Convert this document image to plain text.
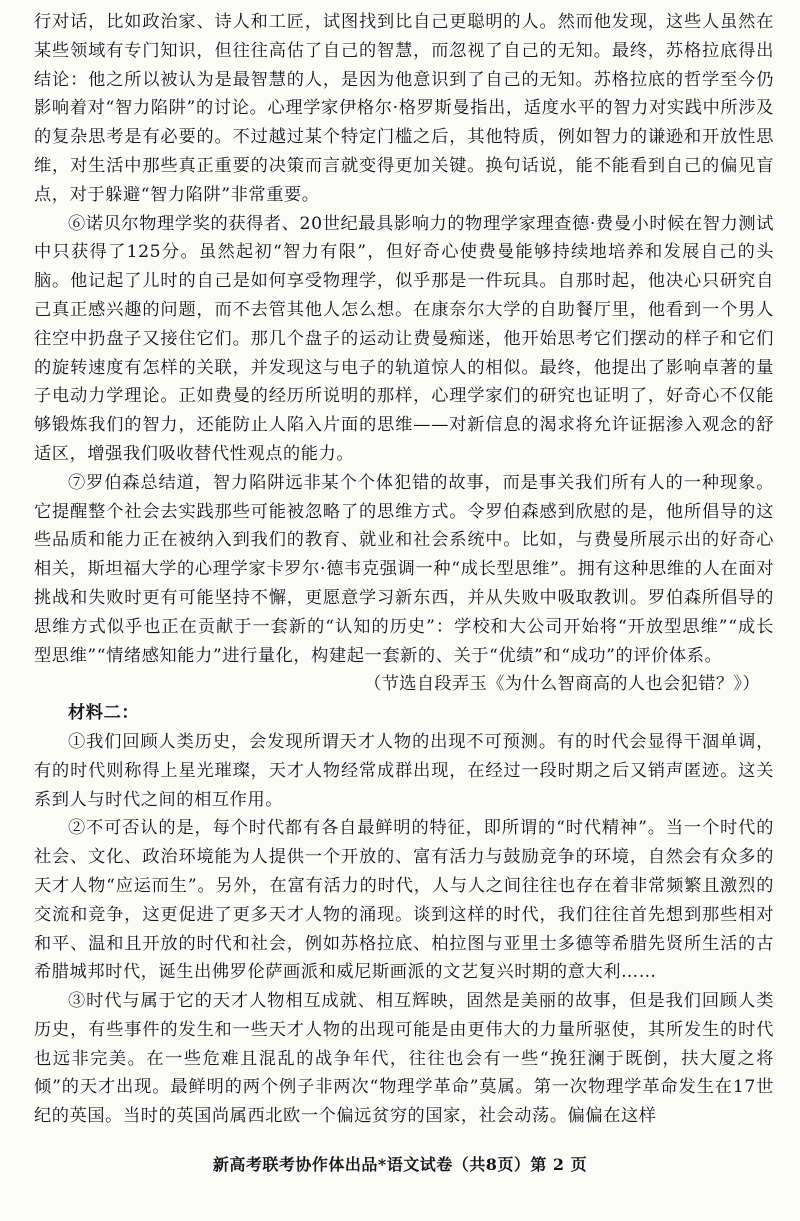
行对话，比如政治家、诗人和工匠，试图找到比自己更聪明的人。然而他发现，这些人虽然在某些领域有专门知识，但往往高估了自己的智慧，而忽视了自己的无知。最终，苏格拉底得出结论：他之所以被认为是最智慧的人，是因为他意识到了自己的无知。苏格拉底的哲学至今仍影响着对“智力陷阱”的讨论。心理学家伊格尔·格罗斯曼指出，适度水平的智力对实践中所涉及的复杂思考是有必要的。不过越过某个特定门槛之后，其他特质，例如智力的谦逊和开放性思维，对生活中那些真正重要的决策而言就变得更加关键。换句话说，能不能看到自己的偏见盲点，对于躲避“智力陷阱”非常重要。

⑥诺贝尔物理学奖的获得者、20世纪最具影响力的物理学家理查德·费曼小时候在智力测试中只获得了125分。虽然起初“智力有限”，但好奇心使费曼能够持续地培养和发展自己的头脑。他记起了儿时的自己是如何享受物理学，似乎那是一件玩具。自那时起，他决心只研究自己真正感兴趣的问题，而不去管其他人怎么想。在康奈尔大学的自助餐厅里，他看到一个男人往空中扔盘子又接住它们。那几个盘子的运动让费曼痴迷，他开始思考它们摆动的样子和它们的旋转速度有怎样的关联，并发现这与电子的轨道惊人的相似。最终，他提出了影响卓著的量子电动力学理论。正如费曼的经历所说明的那样，心理学家们的研究也证明了，好奇心不仅能够锻炼我们的智力，还能防止人陷入片面的思维——对新信息的渴求将允许证据渗入观念的舒适区，增强我们吸收替代性观点的能力。

⑦罗伯森总结道，智力陷阱远非某个个体犯错的故事，而是事关我们所有人的一种现象。它提醒整个社会去实践那些可能被忽略了的思维方式。令罗伯森感到欣慰的是，他所倡导的这些品质和能力正在被纳入到我们的教育、就业和社会系统中。比如，与费曼所展示出的好奇心相关，斯坦福大学的心理学家卡罗尔·德韦克强调一种“成长型思维”。拥有这种思维的人在面对挑战和失败时更有可能坚持不懈，更愿意学习新东西，并从失败中吸取教训。罗伯森所倡导的思维方式似乎也正在贡献于一套新的“认知的历史”：学校和大公司开始将“开放型思维”“成长型思维”“情绪感知能力”进行量化，构建起一套新的、关于“优绩”和“成功”的评价体系。

（节选自段弄玉《为什么智商高的人也会犯错？》）

材料二：

①我们回顾人类历史，会发现所谓天才人物的出现不可预测。有的时代会显得干涸单调，有的时代则称得上星光璀璨，天才人物经常成群出现，在经过一段时期之后又销声匿迹。这关系到人与时代之间的相互作用。

②不可否认的是，每个时代都有各自最鲜明的特征，即所谓的“时代精神”。当一个时代的社会、文化、政治环境能为人提供一个开放的、富有活力与鼓励竞争的环境，自然会有众多的天才人物“应运而生”。另外，在富有活力的时代，人与人之间往往也存在着非常频繁且激烈的交流和竞争，这更促进了更多天才人物的涌现。谈到这样的时代，我们往往首先想到那些相对和平、温和且开放的时代和社会，例如苏格拉底、柏拉图与亚里士多德等希腊先贤所生活的古希腊城邦时代，诞生出佛罗伦萨画派和威尼斯画派的文艺复兴时期的意大利……

③时代与属于它的天才人物相互成就、相互辉映，固然是美丽的故事，但是我们回顾人类历史，有些事件的发生和一些天才人物的出现可能是由更伟大的力量所驱使，其所发生的时代也远非完美。在一些危难且混乱的战争年代，往往也会有一些“挽狂澜于既倒，扶大厦之将倾”的天才出现。最鲜明的两个例子非两次“物理学革命”莫属。第一次物理学革命发生在17世纪的英国。当时的英国尚属西北欧一个偏远贫穷的国家，社会动荡。偏偏在这样

新高考联考协作体出品*语文试卷（共8页）第 2 页
